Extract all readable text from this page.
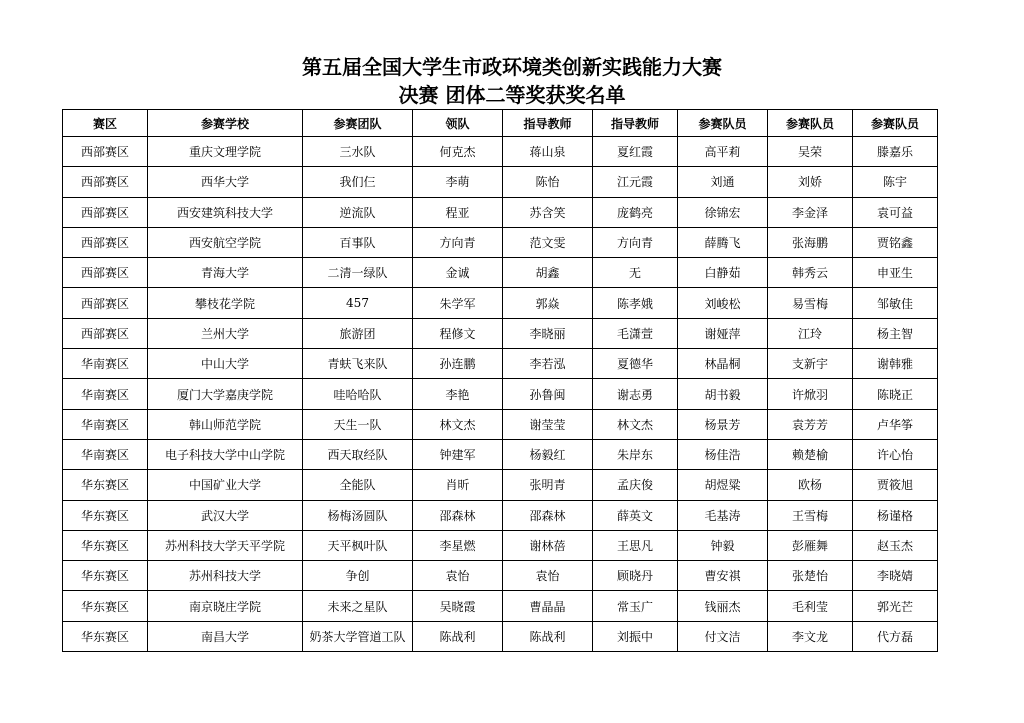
第五届全国大学生市政环境类创新实践能力大赛
决赛 团体二等奖获奖名单
赛区	参赛学校	参赛团队	领队	指导教师	指导教师	参赛队员	参赛队员	参赛队员
西部赛区	重庆文理学院	三水队	何克杰	蒋山泉	夏红霞	高平莉	吴荣	滕嘉乐
西部赛区	西华大学	我们仨	李萌	陈怡	江元霞	刘通	刘娇	陈宇
西部赛区	西安建筑科技大学	逆流队	程亚	苏含笑	庞鹤亮	徐锦宏	李金泽	袁可益
西部赛区	西安航空学院	百事队	方向青	范文雯	方向青	薛腾飞	张海鹏	贾铭鑫
西部赛区	青海大学	二清一绿队	金诚	胡鑫	无	白静茹	韩秀云	申亚生
西部赛区	攀枝花学院	457	朱学军	郭焱	陈孝娥	刘峻松	易雪梅	邹敏佳
西部赛区	兰州大学	旅游团	程修文	李晓丽	毛潇萱	谢娅萍	江玲	杨主智
华南赛区	中山大学	青蚨飞来队	孙连鹏	李若泓	夏德华	林晶桐	支新宇	谢韩雅
华南赛区	厦门大学嘉庚学院	哇哈哈队	李艳	孙鲁闽	谢志勇	胡书毅	许焮羽	陈晓正
华南赛区	韩山师范学院	天生一队	林文杰	谢莹莹	林文杰	杨景芳	袁芳芳	卢华筝
华南赛区	电子科技大学中山学院	西天取经队	钟建军	杨毅红	朱岸东	杨佳浩	赖楚榆	许心怡
华东赛区	中国矿业大学	全能队	肖昕	张明青	孟庆俊	胡煜粱	欧杨	贾筱旭
华东赛区	武汉大学	杨梅汤圆队	邵森林	邵森林	薛英文	毛基涛	王雪梅	杨谨格
华东赛区	苏州科技大学天平学院	天平枫叶队	李星燃	谢林蓓	王思凡	钟毅	彭雁舞	赵玉杰
华东赛区	苏州科技大学	争创	袁怡	袁怡	顾晓丹	曹安祺	张楚怡	李晓婧
华东赛区	南京晓庄学院	未来之星队	吴晓霞	曹晶晶	常玉广	钱丽杰	毛利莹	郭光芒
华东赛区	南昌大学	奶茶大学管道工队	陈战利	陈战利	刘振中	付文洁	李文龙	代方磊
